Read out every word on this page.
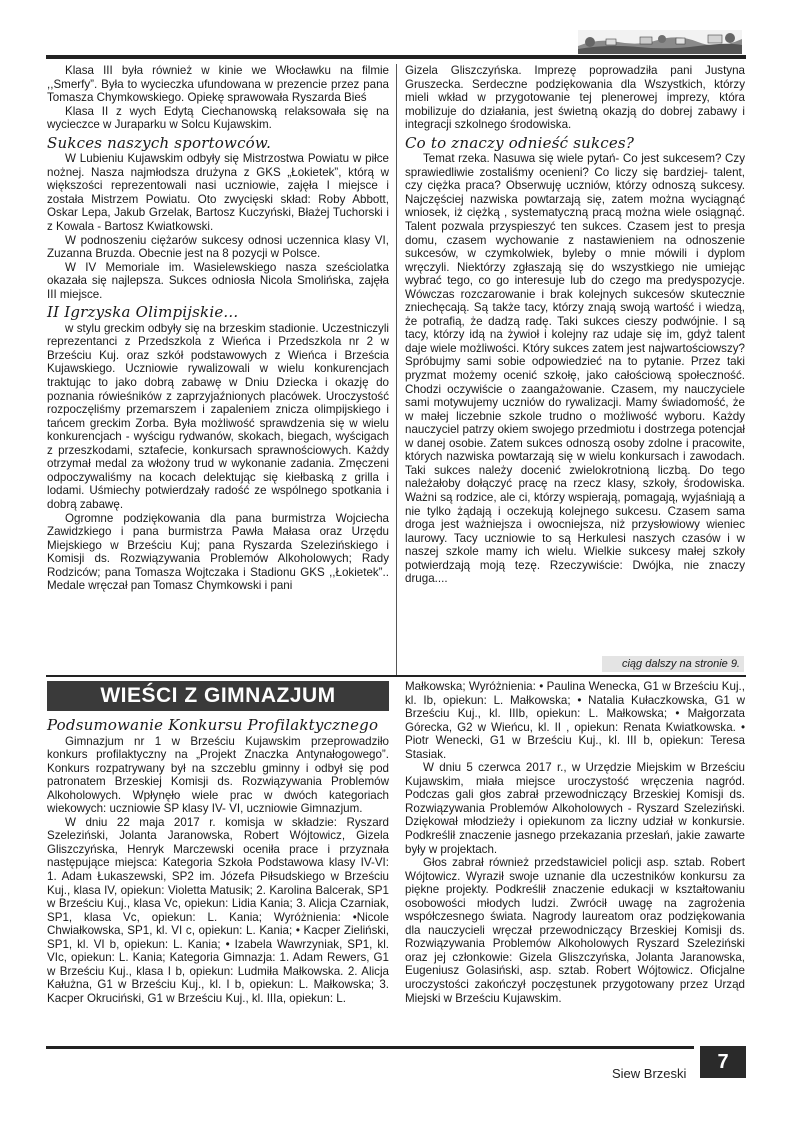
Klasa III była również w kinie we Włocławku na filmie ,,Smerfy”. Była to wycieczka ufundowana w prezencie przez pana Tomasza Chymkowskiego. Opiekę sprawowała Ryszarda Bieś

Klasa II z wych Edytą Ciechanowską relaksowała się na wycieczce w Juraparku w Solcu Kujawskim.

Sukces naszych sportowców.

W Lubieniu Kujawskim odbyły się Mistrzostwa Powiatu w piłce nożnej. Nasza najmłodsza drużyna z GKS „Łokietek”, którą w większości reprezentowali nasi uczniowie, zajęła I miejsce i została Mistrzem Powiatu. Oto zwycięski skład: Roby Abbott, Oskar Lepa, Jakub Grzelak, Bartosz Kuczyński, Błażej Tuchorski i z Kowala - Bartosz Kwiatkowski.

W podnoszeniu ciężarów sukcesy odnosi uczennica klasy VI, Zuzanna Bruzda. Obecnie jest na 8 pozycji w Polsce.

W IV Memoriale im. Wasielewskiego nasza sześciolatka okazała się najlepsza. Sukces odniosła Nicola Smolińska, zajęła III miejsce.

II Igrzyska Olimpijskie...

w stylu greckim odbyły się na brzeskim stadionie. Uczestniczyli reprezentanci z Przedszkola z Wieńca i Przedszkola nr 2 w Brześciu Kuj. oraz szkół podstawowych z Wieńca i Brześcia Kujawskiego. Uczniowie rywalizowali w wielu konkurencjach traktując to jako dobrą zabawę w Dniu Dziecka i okazję do poznania rówieśników z zaprzyjaźnionych placówek. Uroczystość rozpoczęliśmy przemarszem i zapaleniem znicza olimpijskiego i tańcem greckim Zorba. Była możliwość sprawdzenia się w wielu konkurencjach - wyścigu rydwanów, skokach, biegach, wyścigach z przeszkodami, sztafecie, konkursach sprawnościowych. Każdy otrzymał medal za włożony trud w wykonanie zadania. Zmęczeni odpoczywaliśmy na kocach delektując się kiełbaską z grilla i lodami. Uśmiechy potwierdzały radość ze wspólnego spotkania i dobrą zabawę.

Ogromne podziękowania dla pana burmistrza Wojciecha Zawidzkiego i pana burmistrza Pawła Małasa oraz Urzędu Miejskiego w Brześciu Kuj; pana Ryszarda Szelezińskiego i Komisji ds. Rozwiązywania Problemów Alkoholowych; Rady Rodziców; pana Tomasza Wojtczaka i Stadionu GKS ,,Łokietek”.. Medale wręczał pan Tomasz Chymkowski i pani

Gizela Gliszczyńska. Imprezę poprowadziła pani Justyna Gruszecka. Serdeczne podziękowania dla Wszystkich, którzy mieli wkład w przygotowanie tej plenerowej imprezy, która mobilizuje do działania, jest świetną okazją do dobrej zabawy i integracji szkolnego środowiska.

Co to znaczy odnieść sukces?

Temat rzeka. Nasuwa się wiele pytań- Co jest sukcesem? Czy sprawiedliwie zostaliśmy ocenieni? Co liczy się bardziej- talent, czy ciężka praca? Obserwuję uczniów, którzy odnoszą sukcesy. Najczęściej nazwiska powtarzają się, zatem można wyciągnąć wniosek, iż ciężką , systematyczną pracą można wiele osiągnąć. Talent pozwala przyspieszyć ten sukces. Czasem jest to presja domu, czasem wychowanie z nastawieniem na odnoszenie sukcesów, w czymkolwiek, byleby o mnie mówili i dyplom wręczyli. Niektórzy zgłaszają się do wszystkiego nie umiejąc wybrać tego, co go interesuje lub do czego ma predyspozycje. Wówczas rozczarowanie i brak kolejnych sukcesów skutecznie zniechęcają. Są także tacy, którzy znają swoją wartość i wiedzą, że potrafią, że dadzą radę. Taki sukces cieszy podwójnie. I są tacy, którzy idą na żywioł i kolejny raz udaje się im, gdyż talent daje wiele możliwości. Który sukces zatem jest najwartościowszy? Spróbujmy sami sobie odpowiedzieć na to pytanie. Przez taki pryzmat możemy ocenić szkołę, jako całościową społeczność. Chodzi oczywiście o zaangażowanie. Czasem, my nauczyciele sami motywujemy uczniów do rywalizacji. Mamy świadomość, że w małej liczebnie szkole trudno o możliwość wyboru. Każdy nauczyciel patrzy okiem swojego przedmiotu i dostrzega potencjał w danej osobie. Zatem sukces odnoszą osoby zdolne i pracowite, których nazwiska powtarzają się w wielu konkursach i zawodach. Taki sukces należy docenić zwielokrotnioną liczbą. Do tego należałoby dołączyć pracę na rzecz klasy, szkoły, środowiska. Ważni są rodzice, ale ci, którzy wspierają, pomagają, wyjaśniają a nie tylko żądają i oczekują kolejnego sukcesu. Czasem sama droga jest ważniejsza i owocniejsza, niż przysłowiowy wieniec laurowy. Tacy uczniowie to są Herkulesi naszych czasów i w naszej szkole mamy ich wielu. Wielkie sukcesy małej szkoły potwierdzają moją tezę. Rzeczywiście: Dwójka, nie znaczy druga....

ciąg dalszy na stronie 9.
WIEŚCI Z GIMNAZJUM
Podsumowanie Konkursu Profilaktycznego

Gimnazjum nr 1 w Brześciu Kujawskim przeprowadziło konkurs profilaktyczny na „Projekt Znaczka Antynałogowego”. Konkurs rozpatrywany był na szczeblu gminny i odbył się pod patronatem Brzeskiej Komisji ds. Rozwiązywania Problemów Alkoholowych. Wpłynęło wiele prac w dwóch kategoriach wiekowych: uczniowie SP klasy IV- VI, uczniowie Gimnazjum.

W dniu 22 maja 2017 r. komisja w składzie: Ryszard Szeleziński, Jolanta Jaranowska, Robert Wójtowicz, Gizela Gliszczyńska, Henryk Marczewski oceniła prace i przyznała następujące miejsca: Kategoria Szkoła Podstawowa klasy IV-VI: 1. Adam Łukaszewski, SP2 im. Józefa Piłsudskiego w Brześciu Kuj., klasa IV, opiekun: Violetta Matusik; 2. Karolina Balcerak, SP1 w Brześciu Kuj., klasa Vc, opiekun: Lidia Kania; 3. Alicja Czarniak, SP1, klasa Vc, opiekun: L. Kania; Wyróżnienia: •Nicole Chwiałkowska, SP1, kl. VI c, opiekun: L. Kania; • Kacper Zieliński, SP1, kl. VI b, opiekun: L. Kania; • Izabela Wawrzyniak, SP1, kl. VIc, opiekun: L. Kania; Kategoria Gimnazja: 1. Adam Rewers, G1 w Brześciu Kuj., klasa I b, opiekun: Ludmiła Małkowska. 2. Alicja Kałużna, G1 w Brześciu Kuj., kl. I b, opiekun: L. Małkowska; 3. Kacper Okruciński, G1 w Brześciu Kuj., kl. IIIa, opiekun: L.

Małkowska; Wyróżnienia: • Paulina Wenecka, G1 w Brześciu Kuj., kl. Ib, opiekun: L. Małkowska; • Natalia Kułaczkowska, G1 w Brześciu Kuj., kl. IIIb, opiekun: L. Małkowska; • Małgorzata Górecka, G2 w Wieńcu, kl. II , opiekun: Renata Kwiatkowska. • Piotr Wenecki, G1 w Brześciu Kuj., kl. III b, opiekun: Teresa Stasiak.

W dniu 5 czerwca 2017 r., w Urzędzie Miejskim w Brześciu Kujawskim, miała miejsce uroczystość wręczenia nagród. Podczas gali głos zabrał przewodniczący Brzeskiej Komisji ds. Rozwiązywania Problemów Alkoholowych - Ryszard Szeleziński. Dziękował młodzieży i opiekunom za liczny udział w konkursie. Podkreślił znaczenie jasnego przekazania przesłań, jakie zawarte były w projektach.

Głos zabrał również przedstawiciel policji asp. sztab. Robert Wójtowicz. Wyraził swoje uznanie dla uczestników konkursu za piękne projekty. Podkreślił znaczenie edukacji w kształtowaniu osobowości młodych ludzi. Zwrócił uwagę na zagrożenia współczesnego świata. Nagrody laureatom oraz podziękowania dla nauczycieli wręczał przewodniczący Brzeskiej Komisji ds. Rozwiązywania Problemów Alkoholowych Ryszard Szeleziński oraz jej członkowie: Gizela Gliszczyńska, Jolanta Jaranowska, Eugeniusz Golasiński, asp. sztab. Robert Wójtowicz. Oficjalne uroczystości zakończył poczęstunek przygotowany przez Urząd Miejski w Brześciu Kujawskim.

Siew Brzeski
7
